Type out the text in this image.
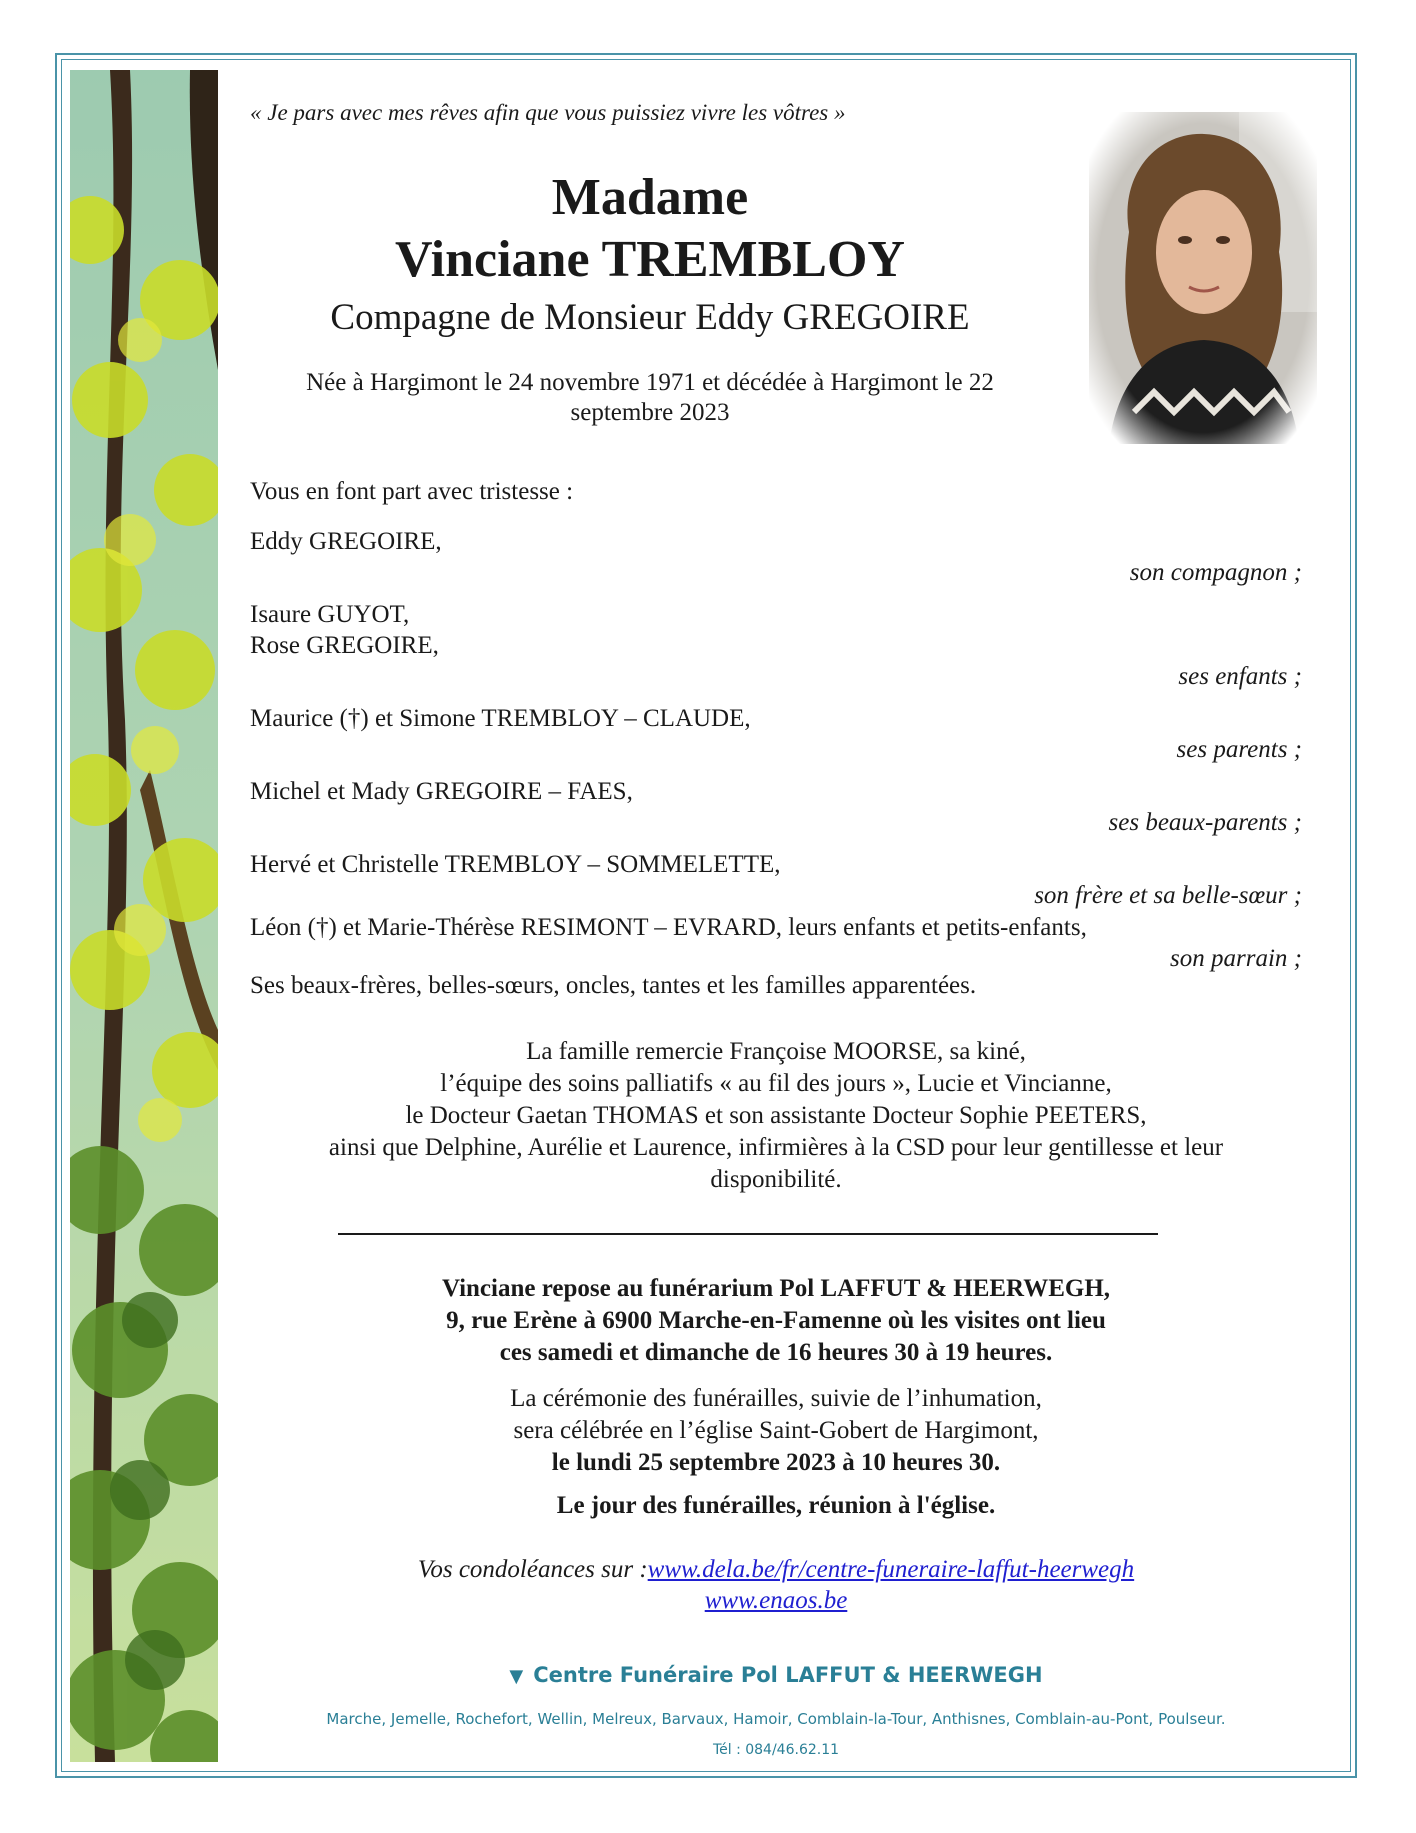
« Je pars avec mes rêves afin que vous puissiez vivre les vôtres »
Madame
Vinciane TREMBLOY
Compagne de Monsieur Eddy GREGOIRE
Née à Hargimont le 24 novembre 1971 et décédée à Hargimont le 22
septembre 2023
Vous en font part avec tristesse :
Eddy GREGOIRE,
son compagnon ;
Isaure GUYOT,
Rose GREGOIRE,
ses enfants ;
Maurice (†) et Simone TREMBLOY – CLAUDE,
ses parents ;
Michel et Mady GREGOIRE – FAES,
ses beaux-parents ;
Hervé et Christelle TREMBLOY – SOMMELETTE,
son frère et sa belle-sœur ;
Léon (†) et Marie-Thérèse RESIMONT – EVRARD, leurs enfants et petits-enfants,
son parrain ;
Ses beaux-frères, belles-sœurs, oncles, tantes et les familles apparentées.
La famille remercie Françoise MOORSE, sa kiné,
l’équipe des soins palliatifs « au fil des jours », Lucie et Vincianne,
le Docteur Gaetan THOMAS et son assistante Docteur Sophie PEETERS,
ainsi que Delphine, Aurélie et Laurence, infirmières à la CSD pour leur gentillesse et leur
disponibilité.
Vinciane repose au funérarium Pol LAFFUT & HEERWEGH,
9, rue Erène à 6900 Marche-en-Famenne où les visites ont lieu
ces samedi et dimanche de 16 heures 30 à 19 heures.
La cérémonie des funérailles, suivie de l’inhumation,
sera célébrée en l’église Saint-Gobert de Hargimont,
le lundi 25 septembre 2023 à 10 heures 30.
Le jour des funérailles, réunion à l'église.
Vos condoléances sur :www.dela.be/fr/centre-funeraire-laffut-heerwegh
www.enaos.be
▼ Centre Funéraire Pol LAFFUT & HEERWEGH
Marche, Jemelle, Rochefort, Wellin, Melreux, Barvaux, Hamoir, Comblain-la-Tour, Anthisnes, Comblain-au-Pont, Poulseur.
Tél : 084/46.62.11
